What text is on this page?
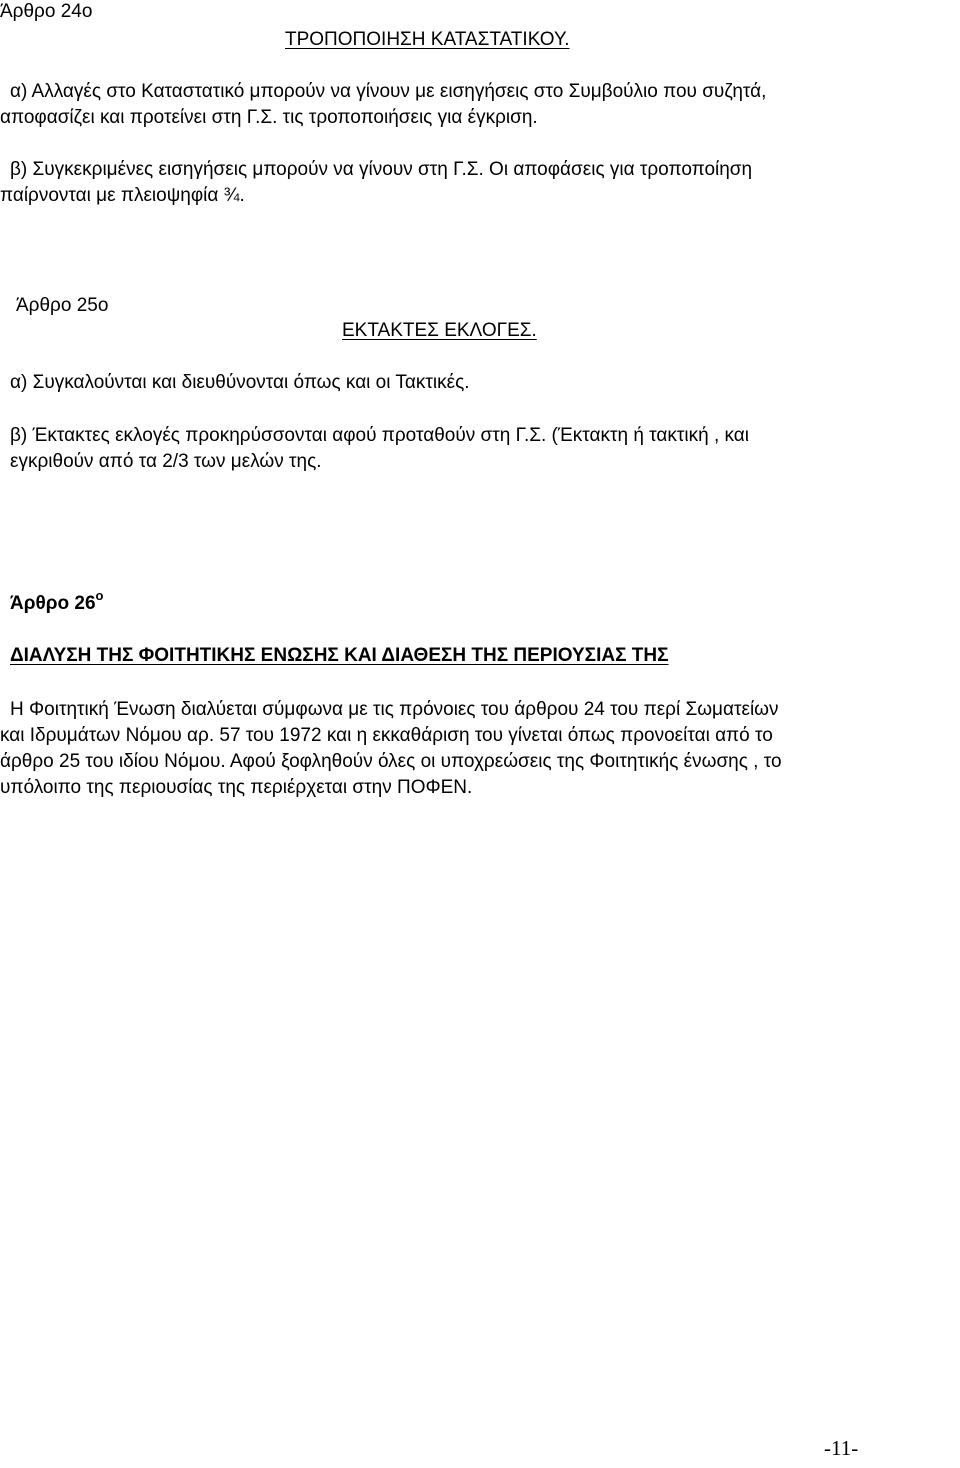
Άρθρο 24ο

ΤΡΟΠΟΠΟΙΗΣΗ ΚΑΤΑΣΤΑΤΙΚΟΥ.

α) Αλλαγές στο Καταστατικό μπορούν να γίνουν με εισηγήσεις στο Συμβούλιο που συζητά,

αποφασίζει και προτείνει στη Γ.Σ. τις τροποποιήσεις για έγκριση.

β) Συγκεκριμένες εισηγήσεις μπορούν να γίνουν στη Γ.Σ. Οι αποφάσεις για τροποποίηση

παίρνονται με πλειοψηφία ¾.

Άρθρο 25ο

ΕΚΤΑΚΤΕΣ ΕΚΛΟΓΕΣ.

α) Συγκαλούνται και διευθύνονται όπως και οι Τακτικές.

β) Έκτακτες εκλογές προκηρύσσονται αφού προταθούν στη Γ.Σ. (Έκτακτη ή τακτική , και

εγκριθούν από τα 2/3 των μελών της.

Άρθρο $26^o$

ΔΙΑΛΥΣΗ ΤΗΣ ΦΟΙΤΗΤΙΚΗΣ ΕΝΩΣΗΣ ΚΑΙ ΔΙΑΘΕΣΗ ΤΗΣ ΠΕΡΙΟΥΣΙΑΣ ΤΗΣ

Η Φοιτητική Ένωση διαλύεται σύμφωνα με τις πρόνοιες του άρθρου 24 του περί Σωματείων

και Ιδρυμάτων Νόμου αρ. 57 του 1972 και η εκκαθάριση του γίνεται όπως προνοείται από το

άρθρο 25 του ιδίου Νόμου. Αφού ξοφληθούν όλες οι υποχρεώσεις της Φοιτητικής ένωσης , το

υπόλοιπο της περιουσίας της περιέρχεται στην ΠΟΦΕΝ.

-11-
